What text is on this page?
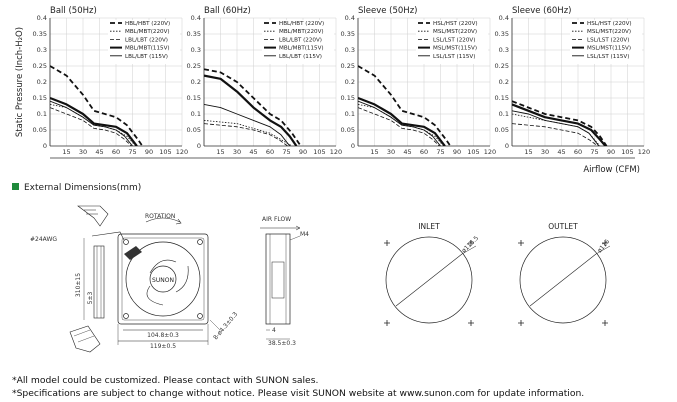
Static Pressure (Inch-H₂O)
Ball (50Hz)
0
0.05
0.1
0.15
0.2
0.25
0.3
0.35
0.4
15 30 45 60 75 90 105 120
HBL/HBT (220V)
MBL/MBT(220V)
LBL/LBT (220V)
MBL/MBT(115V)
LBL/LBT (115V)
Ball (60Hz)
0
0.05
0.1
0.15
0.2
0.25
0.3
0.35
0.4
15 30 45 60 75 90 105 120
HBL/HBT (220V)
MBL/MBT(220V)
LBL/LBT (220V)
MBL/MBT(115V)
LBL/LBT (115V)
Sleeve (50Hz)
0
0.05
0.1
0.15
0.2
0.25
0.3
0.35
0.4
15 30 45 60 75 90 105 120
HSL/HST (220V)
MSL/MST(220V)
LSL/LST (220V)
MSL/MST(115V)
LSL/LST (115V)
Sleeve (60Hz)
0
0.05
0.1
0.15
0.2
0.25
0.3
0.35
0.4
15 30 45 60 75 90 105 120
HSL/HST (220V)
MSL/MST(220V)
LSL/LST (220V)
MSL/MST(115V)
LSL/LST (115V)
Airflow (CFM)
External Dimensions(mm)
#24AWG
310±15
5±3
ROTATION
SUNON
104.8±0.3
119±0.5
8-ø4.3±0.3
AIR FLOW
M4
4
38.5±0.3
INLET
ø115.5
OUTLET
ø116
*All model could be customized. Please contact with SUNON sales.
*Specifications are subject to change without notice. Please visit SUNON website at www.sunon.com for update information.
